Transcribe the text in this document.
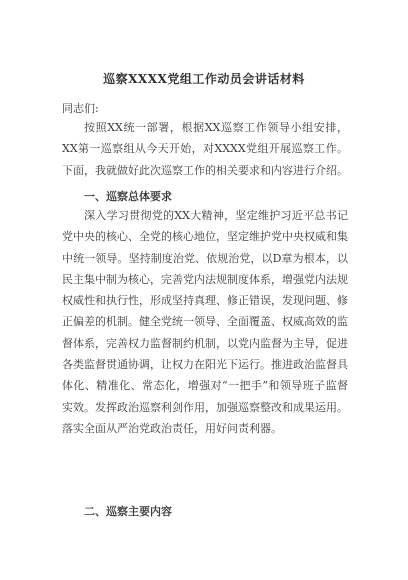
巡察XXXX党组工作动员会讲话材料
同志们:

按照XX统一部署，根据XX巡察工作领导小组安排，XX第一巡察组从今天开始，对XXXX党组开展巡察工作。下面，我就做好此次巡察工作的相关要求和内容进行介绍。

一、巡察总体要求

深入学习贯彻党的XX大精神，坚定维护习近平总书记党中央的核心、全党的核心地位，坚定维护党中央权威和集中统一领导。坚持制度治党、依规治党，以D章为根本，以民主集中制为核心，完善党内法规制度体系，增强党内法规权威性和执行性，形成坚持真理、修正错误，发现问题、修正偏差的机制。健全党统一领导、全面覆盖、权威高效的监督体系，完善权力监督制约机制，以党内监督为主导，促进各类监督贯通协调，让权力在阳光下运行。推进政治监督具体化、精准化、常态化，增强对“一把手”和领导班子监督实效。发挥政治巡察利剑作用，加强巡察整改和成果运用。落实全面从严治党政治责任，用好问责利器。

二、巡察主要内容
